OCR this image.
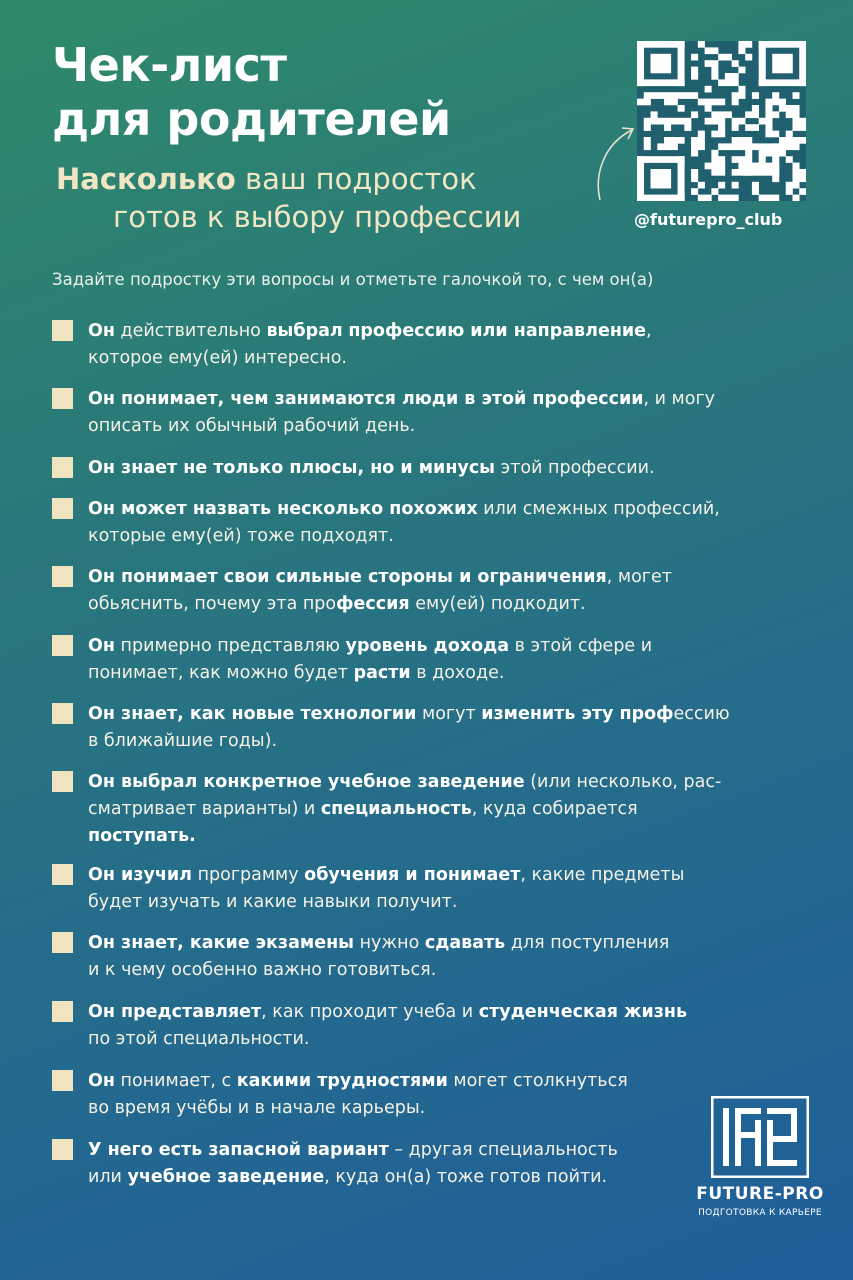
Чек-лист
для родителей
Насколько ваш подросток
готов к выбору профессии	@futurepro_club
Задайте подростку эти вопросы и отметьте галочкой то, с чем он(а)
Он действительно выбрал профессию или направление,
которое ему(ей) интересно.
Он понимает, чем занимаются люди в этой профессии, и могу
описать их обычный рабочий день.
Он знает не только плюсы, но и минусы этой профессии.
Он может назвать несколько похожих или смежных профессий,
которые ему(ей) тоже подходят.
Он понимает свои сильные стороны и ограничения, могет
обьяснить, почему эта профессия ему(ей) подкодит.
Он примерно представляю уровень дохода в этой сфере и
понимает, как можно будет расти в доходе.
Он знает, как новые технологии могут изменить эту профессию
в ближайшие годы).
Он выбрал конкретное учебное заведение (или несколько, рас-
сматривает варианты) и специальность, куда собирается
поступать.
Он изучил программу обучения и понимает, какие предметы
будет изучать и какие навыки получит.
Он знает, какие экзамены нужно сдавать для поступления
и к чему особенно важно готовиться.
Он представляет, как проходит учеба и студенческая жизнь
по этой специальности.
Он понимает, с какими трудностями могет столкнуться
во время учёбы и в начале карьеры.
У него есть запасной вариант – другая специальность
или учебное заведение, куда он(а) тоже готов пойти.
FUTURE-PRO
ПОДГОТОВКА К КАРЬЕРЕ
